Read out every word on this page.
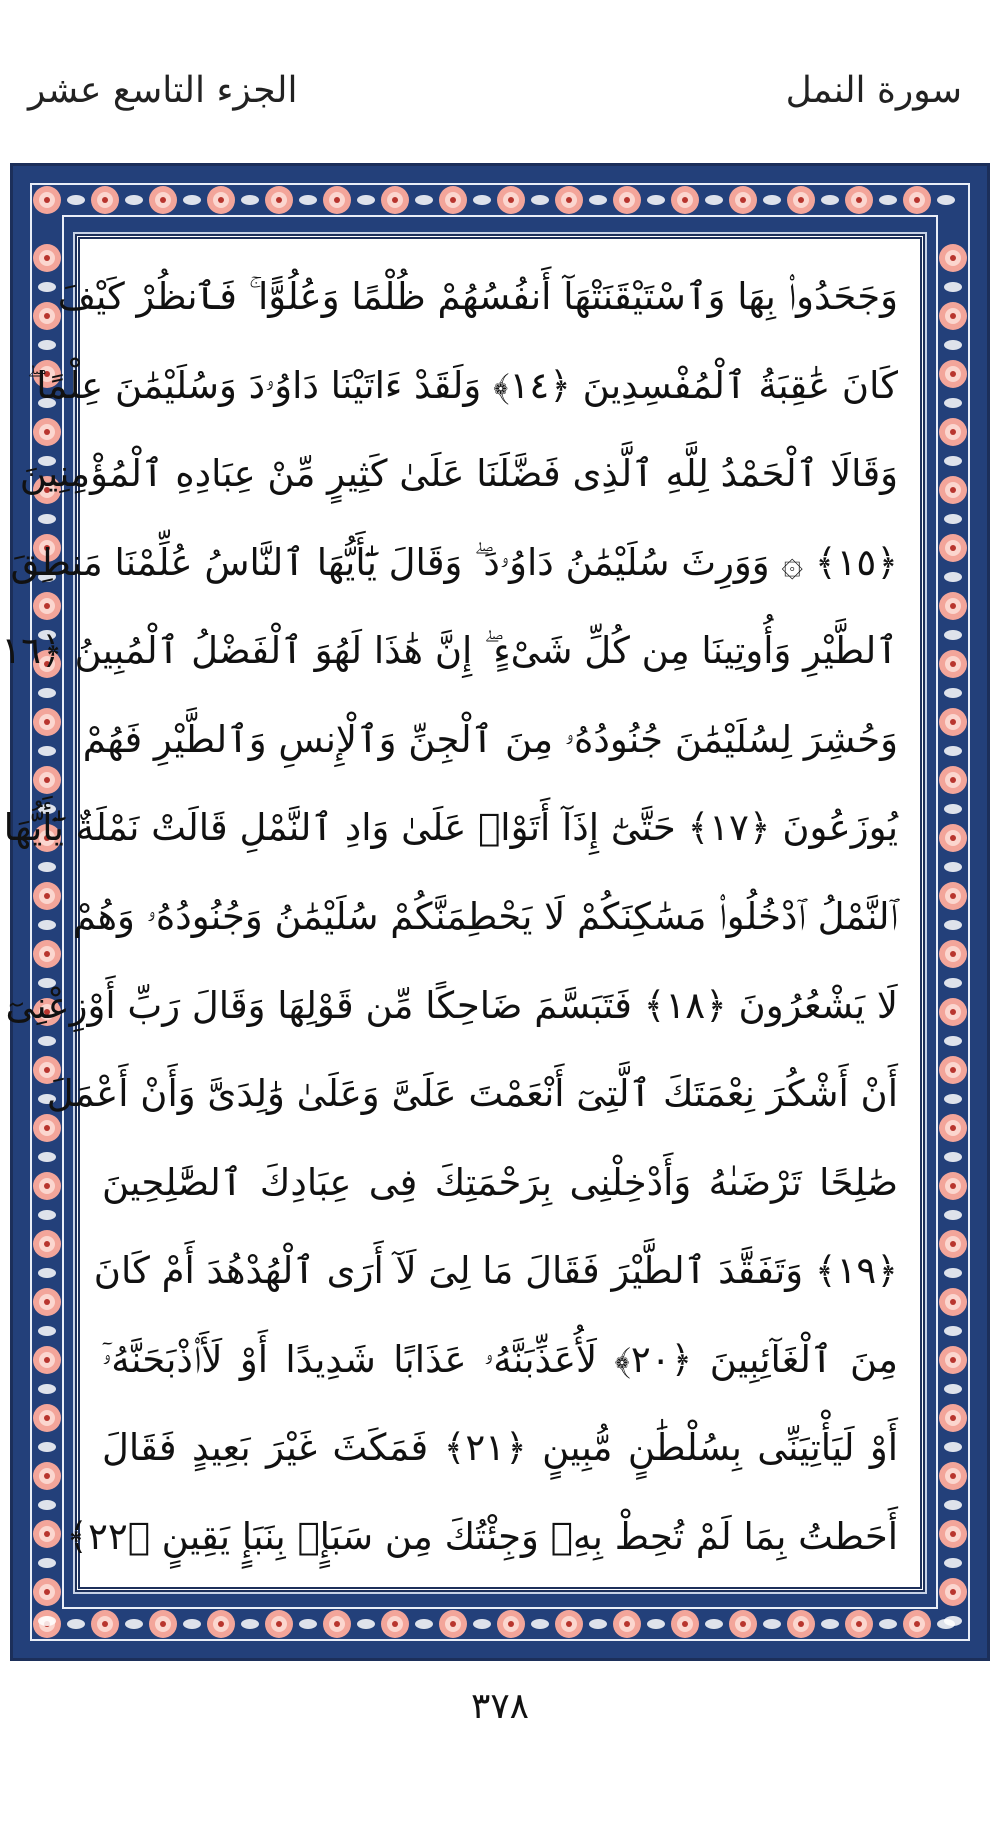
سورة النمل
الجزء التاسع عشر
وَجَحَدُوا۟ بِهَا وَٱسْتَيْقَنَتْهَآ أَنفُسُهُمْ ظُلْمًا وَعُلُوًّا ۚ فَٱنظُرْ كَيْفَ
كَانَ عَٰقِبَةُ ٱلْمُفْسِدِينَ ﴿١٤﴾ وَلَقَدْ ءَاتَيْنَا دَاوُۥدَ وَسُلَيْمَٰنَ عِلْمًا ۖ
وَقَالَا ٱلْحَمْدُ لِلَّهِ ٱلَّذِى فَضَّلَنَا عَلَىٰ كَثِيرٍ مِّنْ عِبَادِهِ ٱلْمُؤْمِنِينَ
﴿١٥﴾ ۞ وَوَرِثَ سُلَيْمَٰنُ دَاوُۥدَ ۖ وَقَالَ يَٰٓأَيُّهَا ٱلنَّاسُ عُلِّمْنَا مَنطِقَ
ٱلطَّيْرِ وَأُوتِينَا مِن كُلِّ شَىْءٍ ۖ إِنَّ هَٰذَا لَهُوَ ٱلْفَضْلُ ٱلْمُبِينُ ﴿١٦
وَحُشِرَ لِسُلَيْمَٰنَ جُنُودُهُۥ مِنَ ٱلْجِنِّ وَٱلْإِنسِ وَٱلطَّيْرِ فَهُمْ
يُوزَعُونَ ﴿١٧﴾ حَتَّىٰٓ إِذَآ أَتَوْا۟ عَلَىٰ وَادِ ٱلنَّمْلِ قَالَتْ نَمْلَةٌ يَٰٓأَيُّهَا
ٱلنَّمْلُ ٱدْخُلُوا۟ مَسَٰكِنَكُمْ لَا يَحْطِمَنَّكُمْ سُلَيْمَٰنُ وَجُنُودُهُۥ وَهُمْ
لَا يَشْعُرُونَ ﴿١٨﴾ فَتَبَسَّمَ ضَاحِكًا مِّن قَوْلِهَا وَقَالَ رَبِّ أَوْزِعْنِىٓ
أَنْ أَشْكُرَ نِعْمَتَكَ ٱلَّتِىٓ أَنْعَمْتَ عَلَىَّ وَعَلَىٰ وَٰلِدَىَّ وَأَنْ أَعْمَلَ
صَٰلِحًا تَرْضَىٰهُ وَأَدْخِلْنِى بِرَحْمَتِكَ فِى عِبَادِكَ ٱلصَّٰلِحِينَ
﴿١٩﴾ وَتَفَقَّدَ ٱلطَّيْرَ فَقَالَ مَا لِىَ لَآ أَرَى ٱلْهُدْهُدَ أَمْ كَانَ
مِنَ ٱلْغَآئِبِينَ ﴿٢٠﴾ لَأُعَذِّبَنَّهُۥ عَذَابًا شَدِيدًا أَوْ لَأَا۟ذْبَحَنَّهُۥٓ
أَوْ لَيَأْتِيَنِّى بِسُلْطَٰنٍ مُّبِينٍ ﴿٢١﴾ فَمَكَثَ غَيْرَ بَعِيدٍ فَقَالَ
أَحَطتُ بِمَا لَمْ تُحِطْ بِهِۦ وَجِئْتُكَ مِن سَبَإٍۭ بِنَبَإٍ يَقِينٍ ﴿٢٢﴾
٣٧٨
